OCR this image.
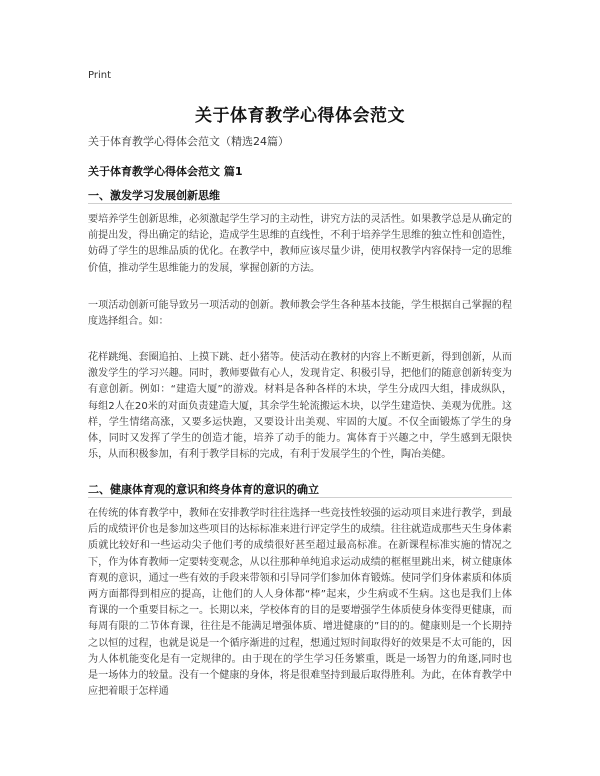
Print
关于体育教学心得体会范文
关于体育教学心得体会范文（精选24篇）
关于体育教学心得体会范文 篇1
一、激发学习发展创新思维
要培养学生创新思维，必须激起学生学习的主动性，讲究方法的灵活性。如果教学总是从确定的前提出发，得出确定的结论，造成学生思维的直线性，不利于培养学生思维的独立性和创造性，妨碍了学生的思维品质的优化。在教学中，教师应该尽量少讲，使用权教学内容保持一定的思维价值，推动学生思维能力的发展，掌握创新的方法。
一项活动创新可能导致另一项活动的创新。教师教会学生各种基本技能，学生根据自己掌握的程度选择组合。如：
花样跳绳、套圈追拍、上摸下跳、赶小猪等。使活动在教材的内容上不断更新，得到创新，从而激发学生的学习兴趣。同时，教师要做有心人，发现肯定、积极引导，把他们的随意创新转变为有意创新。例如：“建造大厦”的游戏。材料是各种各样的木块，学生分成四大组，排成纵队，每组2人在20米的对面负责建造大厦，其余学生轮流搬运木块，以学生建造快、美观为优胜。这样，学生情绪高涨，又要多运快跑，又要设计出美观、牢固的大厦。不仅全面锻炼了学生的身体，同时又发挥了学生的创造才能，培养了动手的能力。寓体育于兴趣之中，学生感到无限快乐，从而积极参加，有利于教学目标的完成，有利于发展学生的个性，陶冶美健。
二、健康体育观的意识和终身体育的意识的确立
在传统的体育教学中，教师在安排教学时往往选择一些竞技性较强的运动项目来进行教学，到最后的成绩评价也是参加这些项目的达标标准来进行评定学生的成绩。往往就造成那些天生身体素质就比较好和一些运动尖子他们考的成绩很好甚至超过最高标准。在新课程标准实施的情况之下，作为体育教师一定要转变观念，从以往那种单纯追求运动成绩的框框里跳出来，树立健康体育观的意识，通过一些有效的手段来带领和引导同学们参加体育锻炼。使同学们身体素质和体质两方面都得到相应的提高，让他们的人人身体都“棒”起来，少生病或不生病。这也是我们上体育课的一个重要目标之一。长期以来，学校体育的目的是要增强学生体质使身体变得更健康，而每周有限的二节体育课，往往是不能满足增强体质、增进健康的”目的的。健康则是一个长期持之以恒的过程，也就是说是一个循序渐进的过程，想通过短时间取得好的效果是不太可能的，因为人体机能变化是有一定规律的。由于现在的学生学习任务繁重，既是一场智力的角逐,同时也是一场体力的较量。没有一个健康的身体，将是很难坚持到最后取得胜利。为此，在体育教学中应把着眼于怎样通
